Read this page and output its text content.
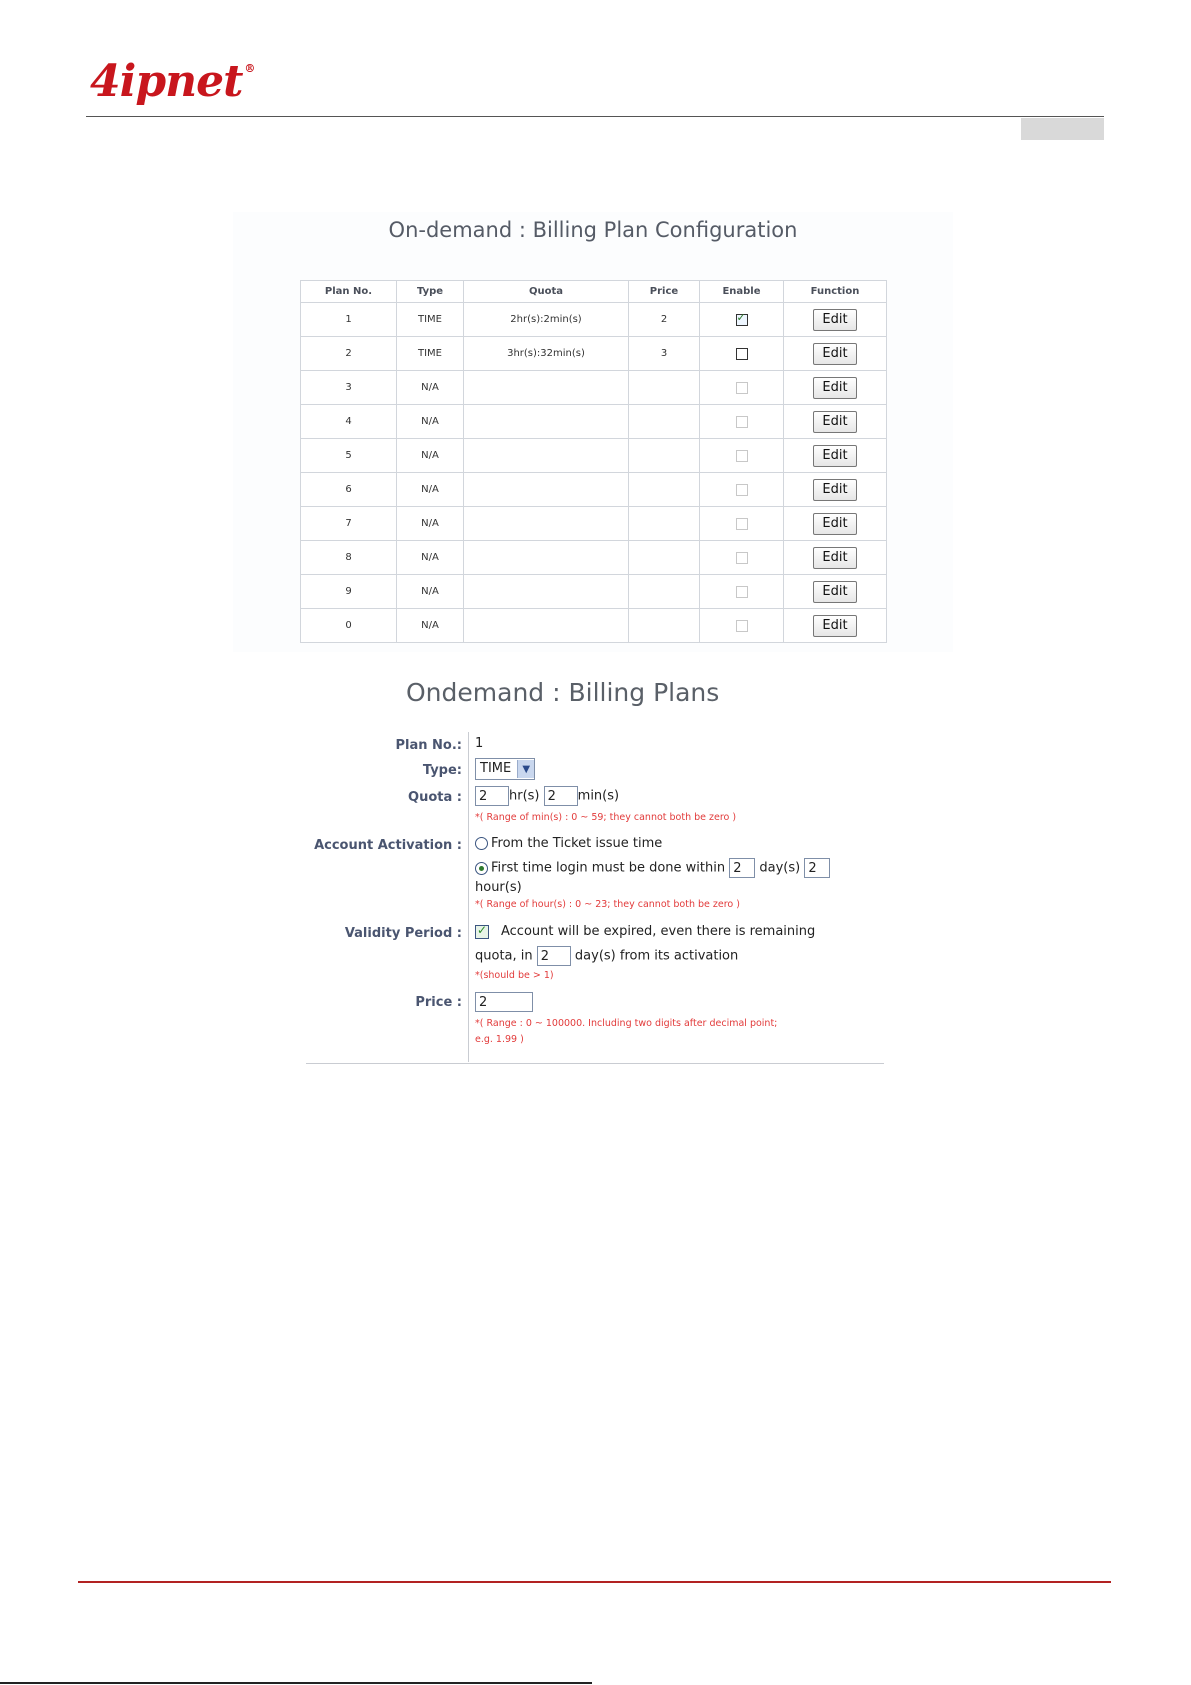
4ipnet ®
On-demand : Billing Plan Configuration
Plan No.	Type	Quota	Price	Enable	Function
1	TIME	2hr(s):2min(s)	2	✓	Edit
2	TIME	3hr(s):32min(s)	3		Edit
3	N/A				Edit
4	N/A				Edit
5	N/A				Edit
6	N/A				Edit
7	N/A				Edit
8	N/A				Edit
9	N/A				Edit
0	N/A				Edit
Ondemand : Billing Plans
Plan No.: 1
Type:	TIME ▼
Quota :	2 hr(s) 2 min(s)
*( Range of min(s) : 0 ~ 59; they cannot both be zero )
Account Activation :	From the Ticket issue time
First time login must be done within 2 day(s) 2
hour(s)
*( Range of hour(s) : 0 ~ 23; they cannot both be zero )
Validity Period : ✓	Account will be expired, even there is remaining
quota, in 2 day(s) from its activation
*(should be > 1)
Price :	2
*( Range : 0 ~ 100000. Including two digits after decimal point;
e.g. 1.99 )
